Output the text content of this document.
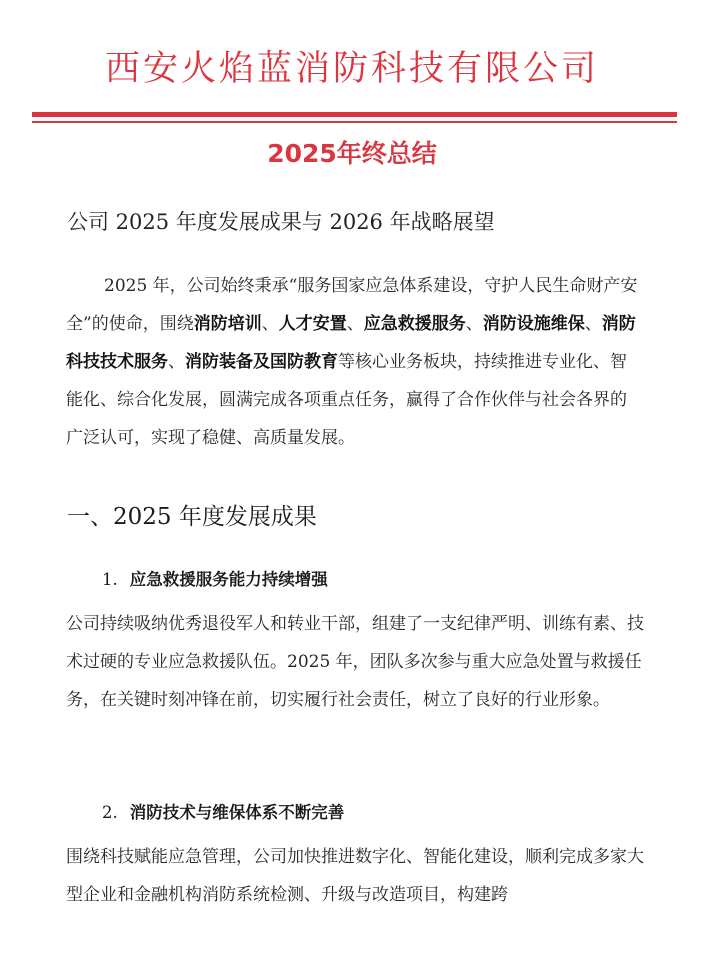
西安火焰蓝消防科技有限公司
2025年终总结
公司 2025 年度发展成果与 2026 年战略展望

2025 年，公司始终秉承“服务国家应急体系建设，守护人民生命财产安全”的使命，围绕消防培训、人才安置、应急救援服务、消防设施维保、消防科技技术服务、消防装备及国防教育等核心业务板块，持续推进专业化、智能化、综合化发展，圆满完成各项重点任务，赢得了合作伙伴与社会各界的广泛认可，实现了稳健、高质量发展。

一、2025 年度发展成果
1. 应急救援服务能力持续增强

公司持续吸纳优秀退役军人和转业干部，组建了一支纪律严明、训练有素、技术过硬的专业应急救援队伍。2025 年，团队多次参与重大应急处置与救援任务，在关键时刻冲锋在前，切实履行社会责任，树立了良好的行业形象。

2. 消防技术与维保体系不断完善

围绕科技赋能应急管理，公司加快推进数字化、智能化建设，顺利完成多家大型企业和金融机构消防系统检测、升级与改造项目，构建跨
